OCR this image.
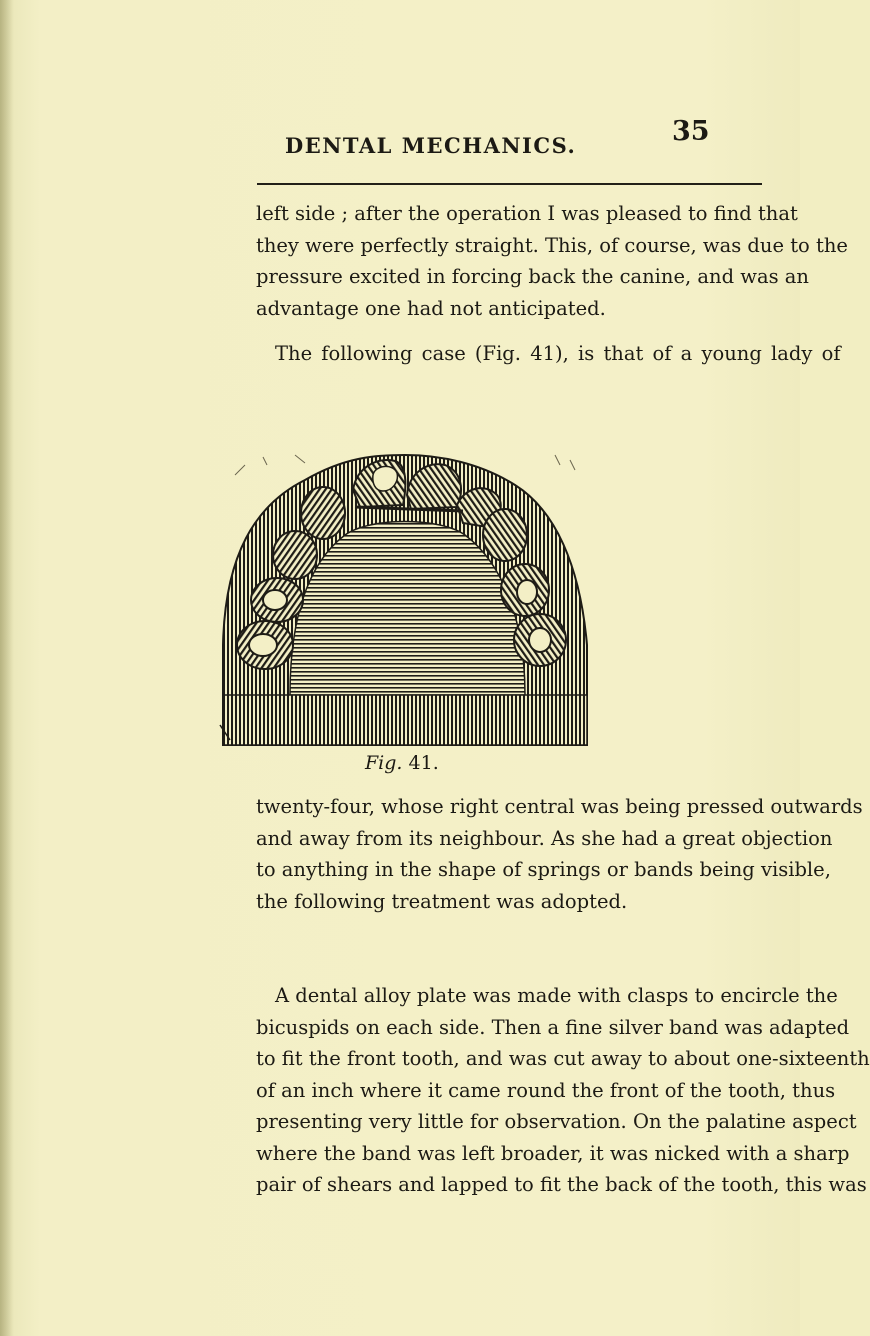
DENTAL MECHANICS.	35

left side ; after the operation I was pleased to find that
they were perfectly straight. This, of course, was due to the
pressure excited in forcing back the canine, and was an
advantage one had not anticipated.

The following case (Fig. 41), is that of a young lady of

Fig. 41.

twenty-four, whose right central was being pressed outwards
and away from its neighbour. As she had a great objection
to anything in the shape of springs or bands being visible,
the following treatment was adopted.

A dental alloy plate was made with clasps to encircle the
bicuspids on each side. Then a fine silver band was adapted
to fit the front tooth, and was cut away to about one-sixteenth
of an inch where it came round the front of the tooth, thus
presenting very little for observation. On the palatine aspect
where the band was left broader, it was nicked with a sharp
pair of shears and lapped to fit the back of the tooth, this was
